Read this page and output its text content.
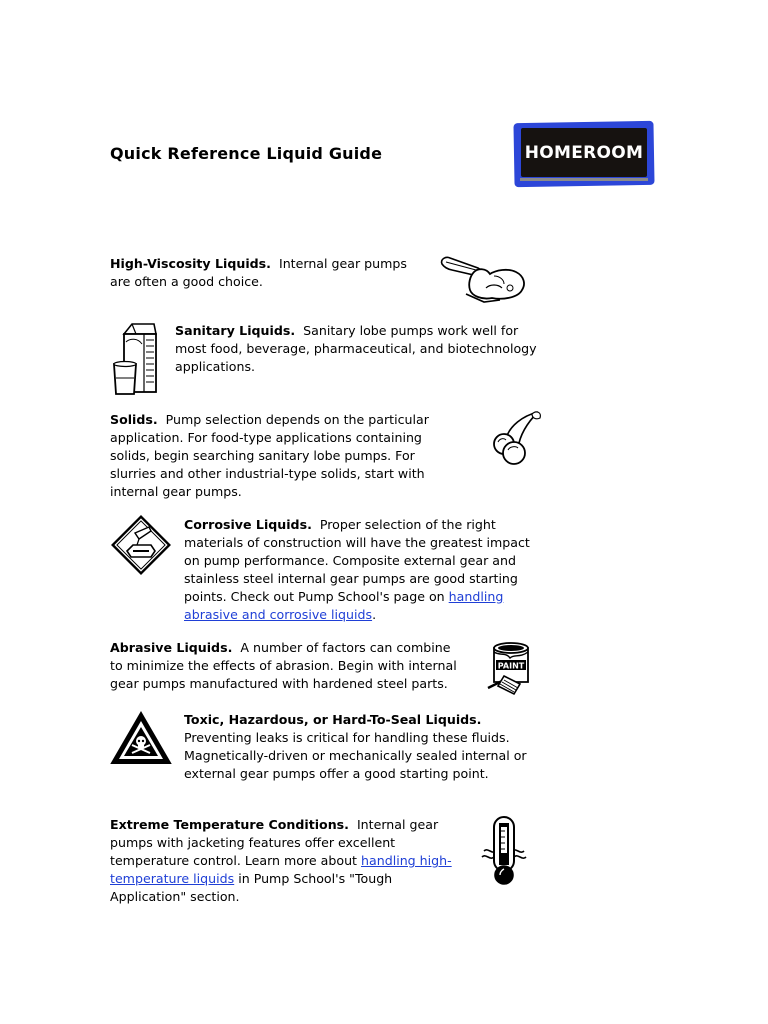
Quick Reference Liquid Guide	HOMEROOM
High-Viscosity Liquids. Internal gear pumps are often a good choice.
Sanitary Liquids. Sanitary lobe pumps work well for most food, beverage, pharmaceutical, and biotechnology applications.
Solids. Pump selection depends on the particular application. For food-type applications containing solids, begin searching sanitary lobe pumps. For slurries and other industrial-type solids, start with internal gear pumps.
Corrosive Liquids. Proper selection of the right materials of construction will have the greatest impact on pump performance. Composite external gear and stainless steel internal gear pumps are good starting points. Check out Pump School's page on handling abrasive and corrosive liquids.
Abrasive Liquids. A number of factors can combine to minimize the effects of abrasion. Begin with internal gear pumps manufactured with hardened steel parts.
PAINT
Toxic, Hazardous, or Hard-To-Seal Liquids.  Preventing leaks is critical for handling these fluids. Magnetically-driven or mechanically sealed internal or external gear pumps offer a good starting point.
Extreme Temperature Conditions. Internal gear pumps with jacketing features offer excellent temperature control. Learn more about handling high-temperature liquids in Pump School's "Tough Application" section.
